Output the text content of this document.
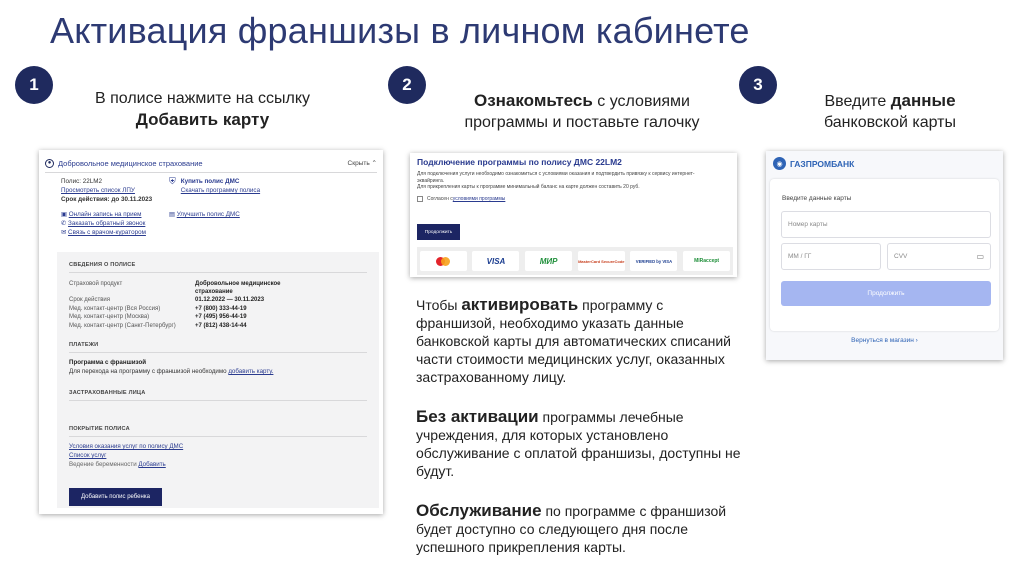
Активация франшизы в личном кабинете
1	2	3
В полисе нажмите на ссылку
Добавить карту
Ознакомьтесь с условиями
программы и поставьте галочку
Введите данные
банковской карты
● Добровольное медицинское страхование	Скрыть ⌃
Полис: 22LM2
Просмотреть список ЛПУ
Срок действия: до 30.11.2023
⛨ Купить полис ДМС
Скачать программу полиса
▣ Онлайн запись на прием
✆ Заказать обратный звонок
✉ Связь с врачом-куратором
▤ Улучшить полис ДМС
СВЕДЕНИЯ О ПОЛИСЕ
Страховой продукт	Добровольное медицинское страхование
Срок действия	01.12.2022 — 30.11.2023
Мед. контакт-центр (Вся Россия)	+7 (800) 333-44-19
Мед. контакт-центр (Москва)	+7 (495) 956-44-19
Мед. контакт-центр (Санкт-Петербург)	+7 (812) 438-14-44
ПЛАТЕЖИ
Программа с франшизой
Для перехода на программу с франшизой необходимо добавить карту.
ЗАСТРАХОВАННЫЕ ЛИЦА
ПОКРЫТИЕ ПОЛИСА
Условия оказания услуг по полису ДМС
Список услуг
Ведение беременности Добавить
Добавить полис ребенка
Подключение программы по полису ДМС 22LM2
Для подключения услуги необходимо ознакомиться с условиями оказания и подтвердить привязку к сервису интернет-эквайринга.
Для прикрепления карты к программе минимальный баланс на карте должен составить 20 руб.
Согласен с условиями программы
Продолжить
VISA	МИР	MasterCard SecureCode	VERIFIED by VISA	MIRaccept
◉ ГАЗПРОМБАНК
Введите данные карты
Номер карты
ММ / ГГ	CVV	▭
Продолжить
Вернуться в магазин ›
Чтобы активировать программу с франшизой, необходимо указать данные банковской карты для автоматических списаний части стоимости медицинских услуг, оказанных застрахованному лицу.
Без активации программы лечебные учреждения, для которых установлено обслуживание с оплатой франшизы, доступны не будут.
Обслуживание по программе с франшизой будет доступно со следующего дня после успешного прикрепления карты.
